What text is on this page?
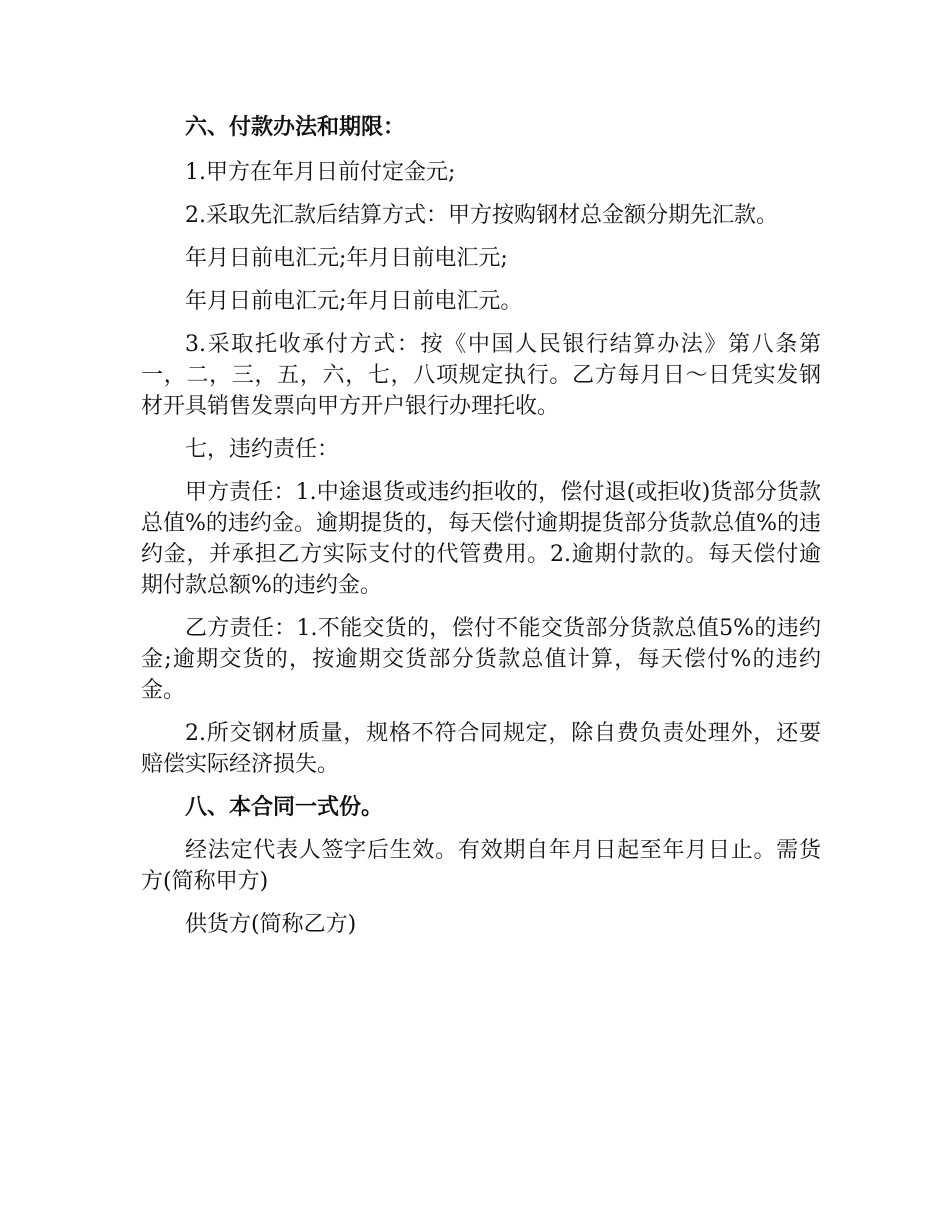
六、付款办法和期限：

1.甲方在年月日前付定金元;

2.采取先汇款后结算方式：甲方按购钢材总金额分期先汇款。

年月日前电汇元;年月日前电汇元;

年月日前电汇元;年月日前电汇元。

3.采取托收承付方式：按《中国人民银行结算办法》第八条第一，二，三，五，六，七，八项规定执行。乙方每月日～日凭实发钢材开具销售发票向甲方开户银行办理托收。

七，违约责任：

甲方责任：1.中途退货或违约拒收的，偿付退(或拒收)货部分货款总值%的违约金。逾期提货的，每天偿付逾期提货部分货款总值%的违约金，并承担乙方实际支付的代管费用。2.逾期付款的。每天偿付逾期付款总额%的违约金。

乙方责任：1.不能交货的，偿付不能交货部分货款总值5%的违约金;逾期交货的，按逾期交货部分货款总值计算，每天偿付%的违约金。

2.所交钢材质量，规格不符合同规定，除自费负责处理外，还要赔偿实际经济损失。

八、本合同一式份。

经法定代表人签字后生效。有效期自年月日起至年月日止。需货方(简称甲方)

供货方(简称乙方)
